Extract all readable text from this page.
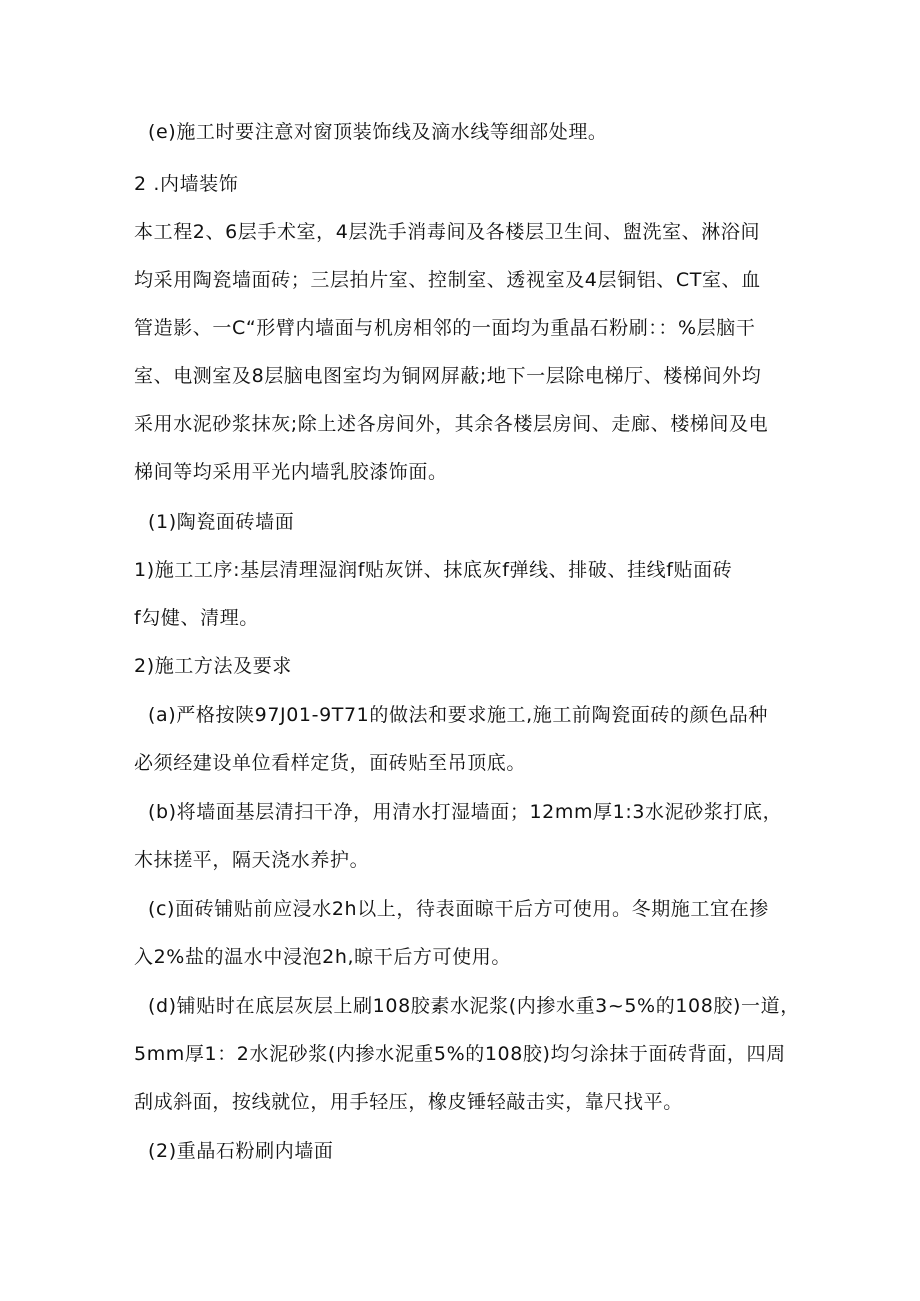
(e)施工时要注意对窗顶装饰线及滴水线等细部处理。
2 .内墙装饰
本工程2、6层手术室，4层洗手消毒间及各楼层卫生间、盥洗室、淋浴间
均采用陶瓷墙面砖；三层拍片室、控制室、透视室及4层铜铝、CT室、血
管造影、一C“形臂内墙面与机房相邻的一面均为重晶石粉刷：：%层脑干
室、电测室及8层脑电图室均为铜网屏蔽;地下一层除电梯厅、楼梯间外均
采用水泥砂浆抹灰;除上述各房间外，其余各楼层房间、走廊、楼梯间及电
梯间等均采用平光内墙乳胶漆饰面。
(1)陶瓷面砖墙面
1)施工工序:基层清理湿润f贴灰饼、抹底灰f弹线、排破、挂线f贴面砖
f勾健、清理。
2)施工方法及要求
(a)严格按陕97J01-9T71的做法和要求施工,施工前陶瓷面砖的颜色品种
必须经建设单位看样定货，面砖贴至吊顶底。
(b)将墙面基层清扫干净，用清水打湿墙面；12mm厚1:3水泥砂浆打底，
木抹搓平，隔天浇水养护。
(c)面砖铺贴前应浸水2h以上，待表面晾干后方可使用。冬期施工宜在掺
入2%盐的温水中浸泡2h,晾干后方可使用。
(d)铺贴时在底层灰层上刷108胶素水泥浆(内掺水重3~5%的108胶)一道，
5mm厚1：2水泥砂浆(内掺水泥重5%的108胶)均匀涂抹于面砖背面，四周
刮成斜面，按线就位，用手轻压，橡皮锤轻敲击实，靠尺找平。
(2)重晶石粉刷内墙面
